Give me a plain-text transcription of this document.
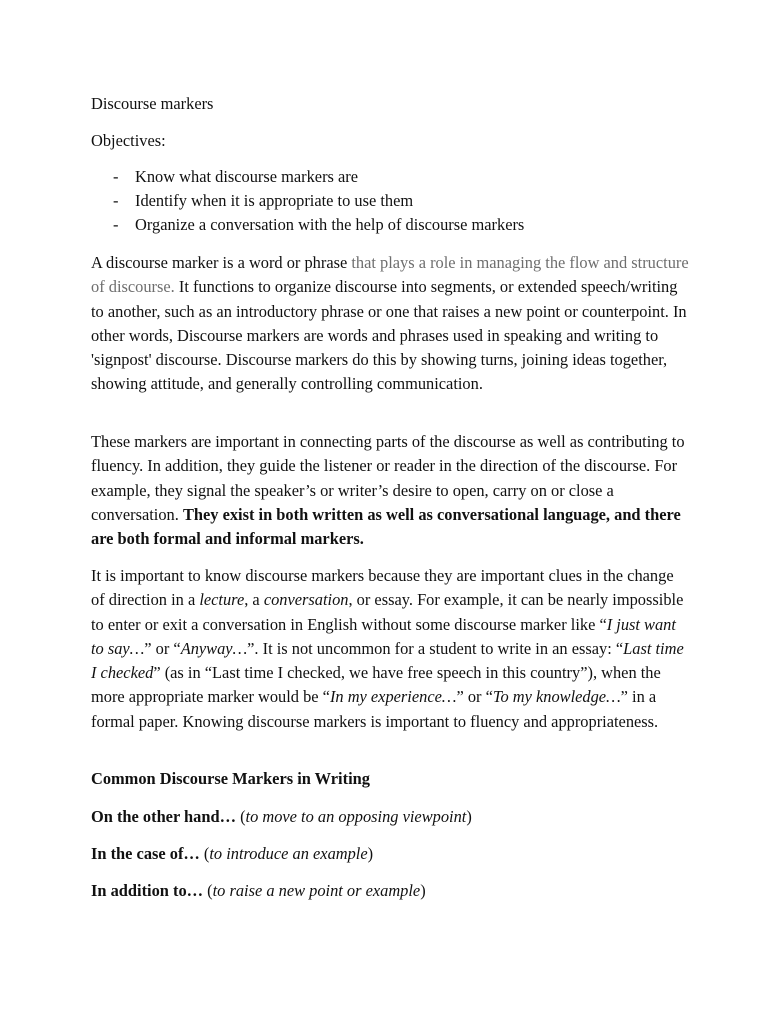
Discourse markers
Objectives:
- Know what discourse markers are
- Identify when it is appropriate to use them
- Organize a conversation with the help of discourse markers

A discourse marker is a word or phrase that plays a role in managing the flow and structure of discourse. It functions to organize discourse into segments, or extended speech/writing to another, such as an introductory phrase or one that raises a new point or counterpoint. In other words, Discourse markers are words and phrases used in speaking and writing to 'signpost' discourse. Discourse markers do this by showing turns, joining ideas together, showing attitude, and generally controlling communication.

These markers are important in connecting parts of the discourse as well as contributing to fluency. In addition, they guide the listener or reader in the direction of the discourse. For example, they signal the speaker’s or writer’s desire to open, carry on or close a conversation. They exist in both written as well as conversational language, and there are both formal and informal markers.

It is important to know discourse markers because they are important clues in the change of direction in a lecture, a conversation, or essay. For example, it can be nearly impossible to enter or exit a conversation in English without some discourse marker like “I just want to say…” or “Anyway…”. It is not uncommon for a student to write in an essay: “Last time I checked” (as in “Last time I checked, we have free speech in this country”), when the more appropriate marker would be “In my experience…” or “To my knowledge…” in a formal paper. Knowing discourse markers is important to fluency and appropriateness.

Common Discourse Markers in Writing
On the other hand… (to move to an opposing viewpoint)
In the case of… (to introduce an example)
In addition to… (to raise a new point or example)
